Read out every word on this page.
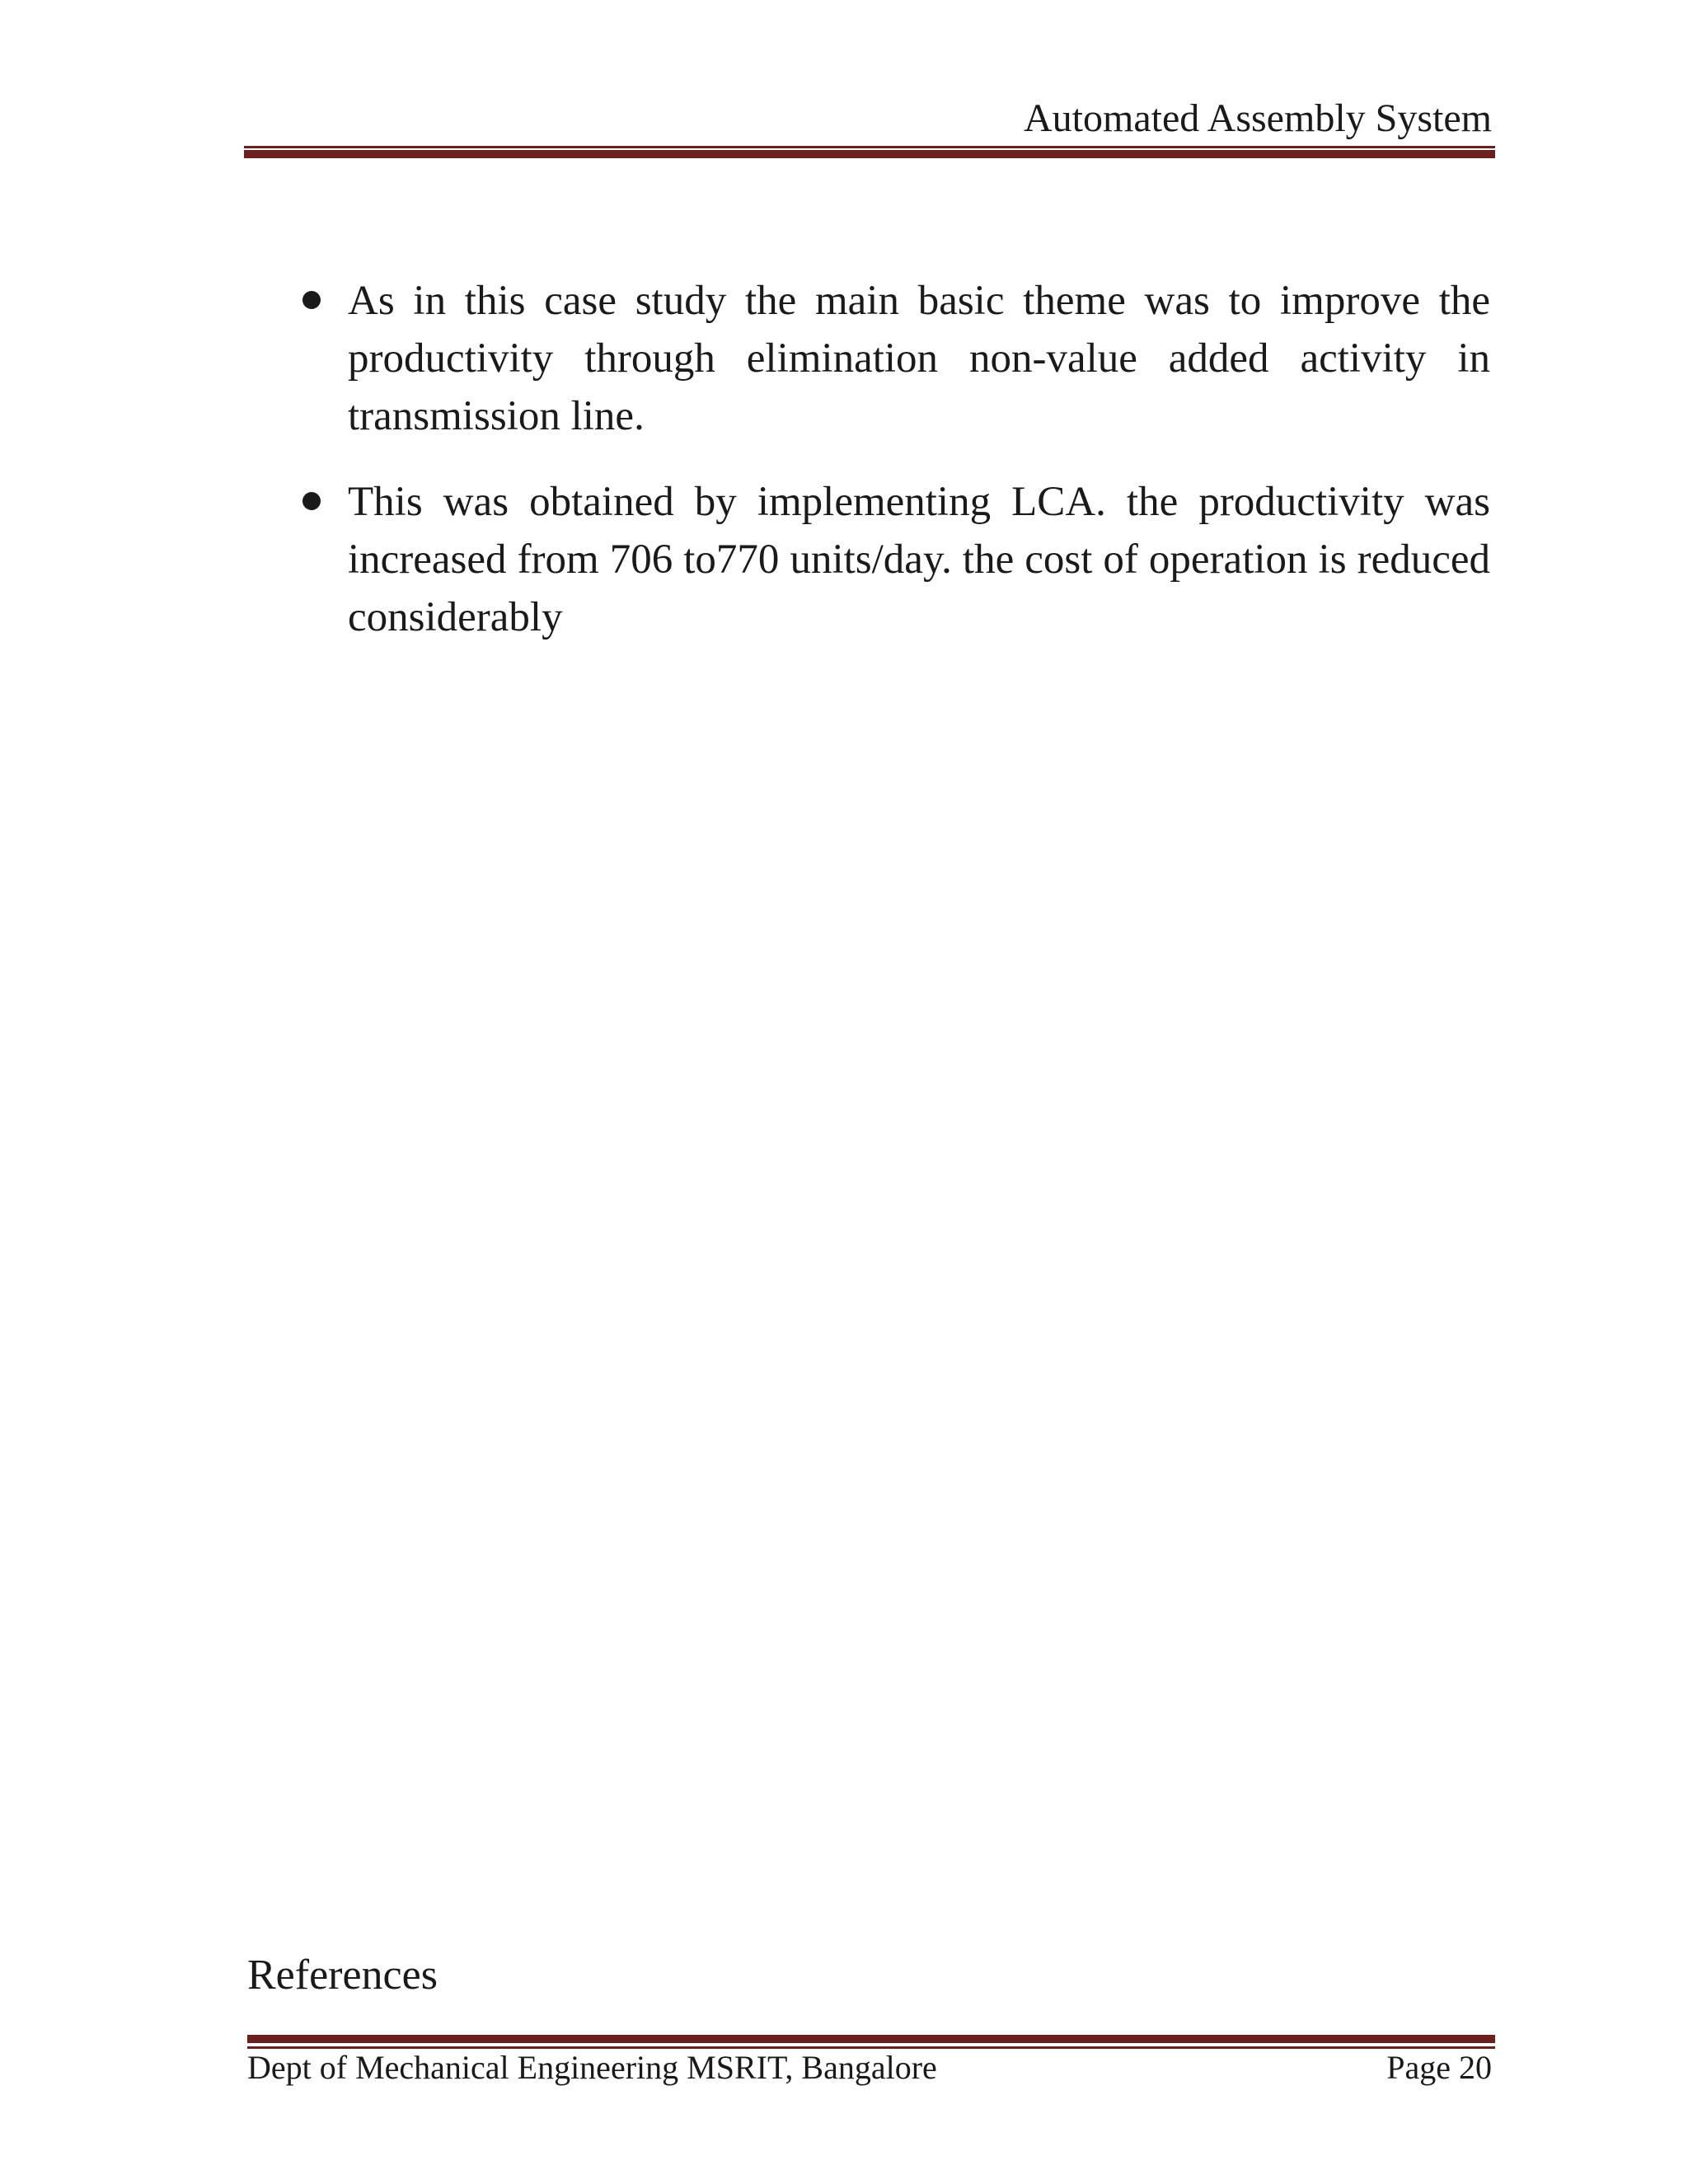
Automated Assembly System
As in this case study the main basic theme was to improve the productivity through elimination non-value added activity in transmission line.
This was obtained by implementing LCA. the productivity was increased from 706 to770 units/day. the cost of operation is reduced considerably
References
Dept of Mechanical Engineering MSRIT, Bangalore	Page 20
